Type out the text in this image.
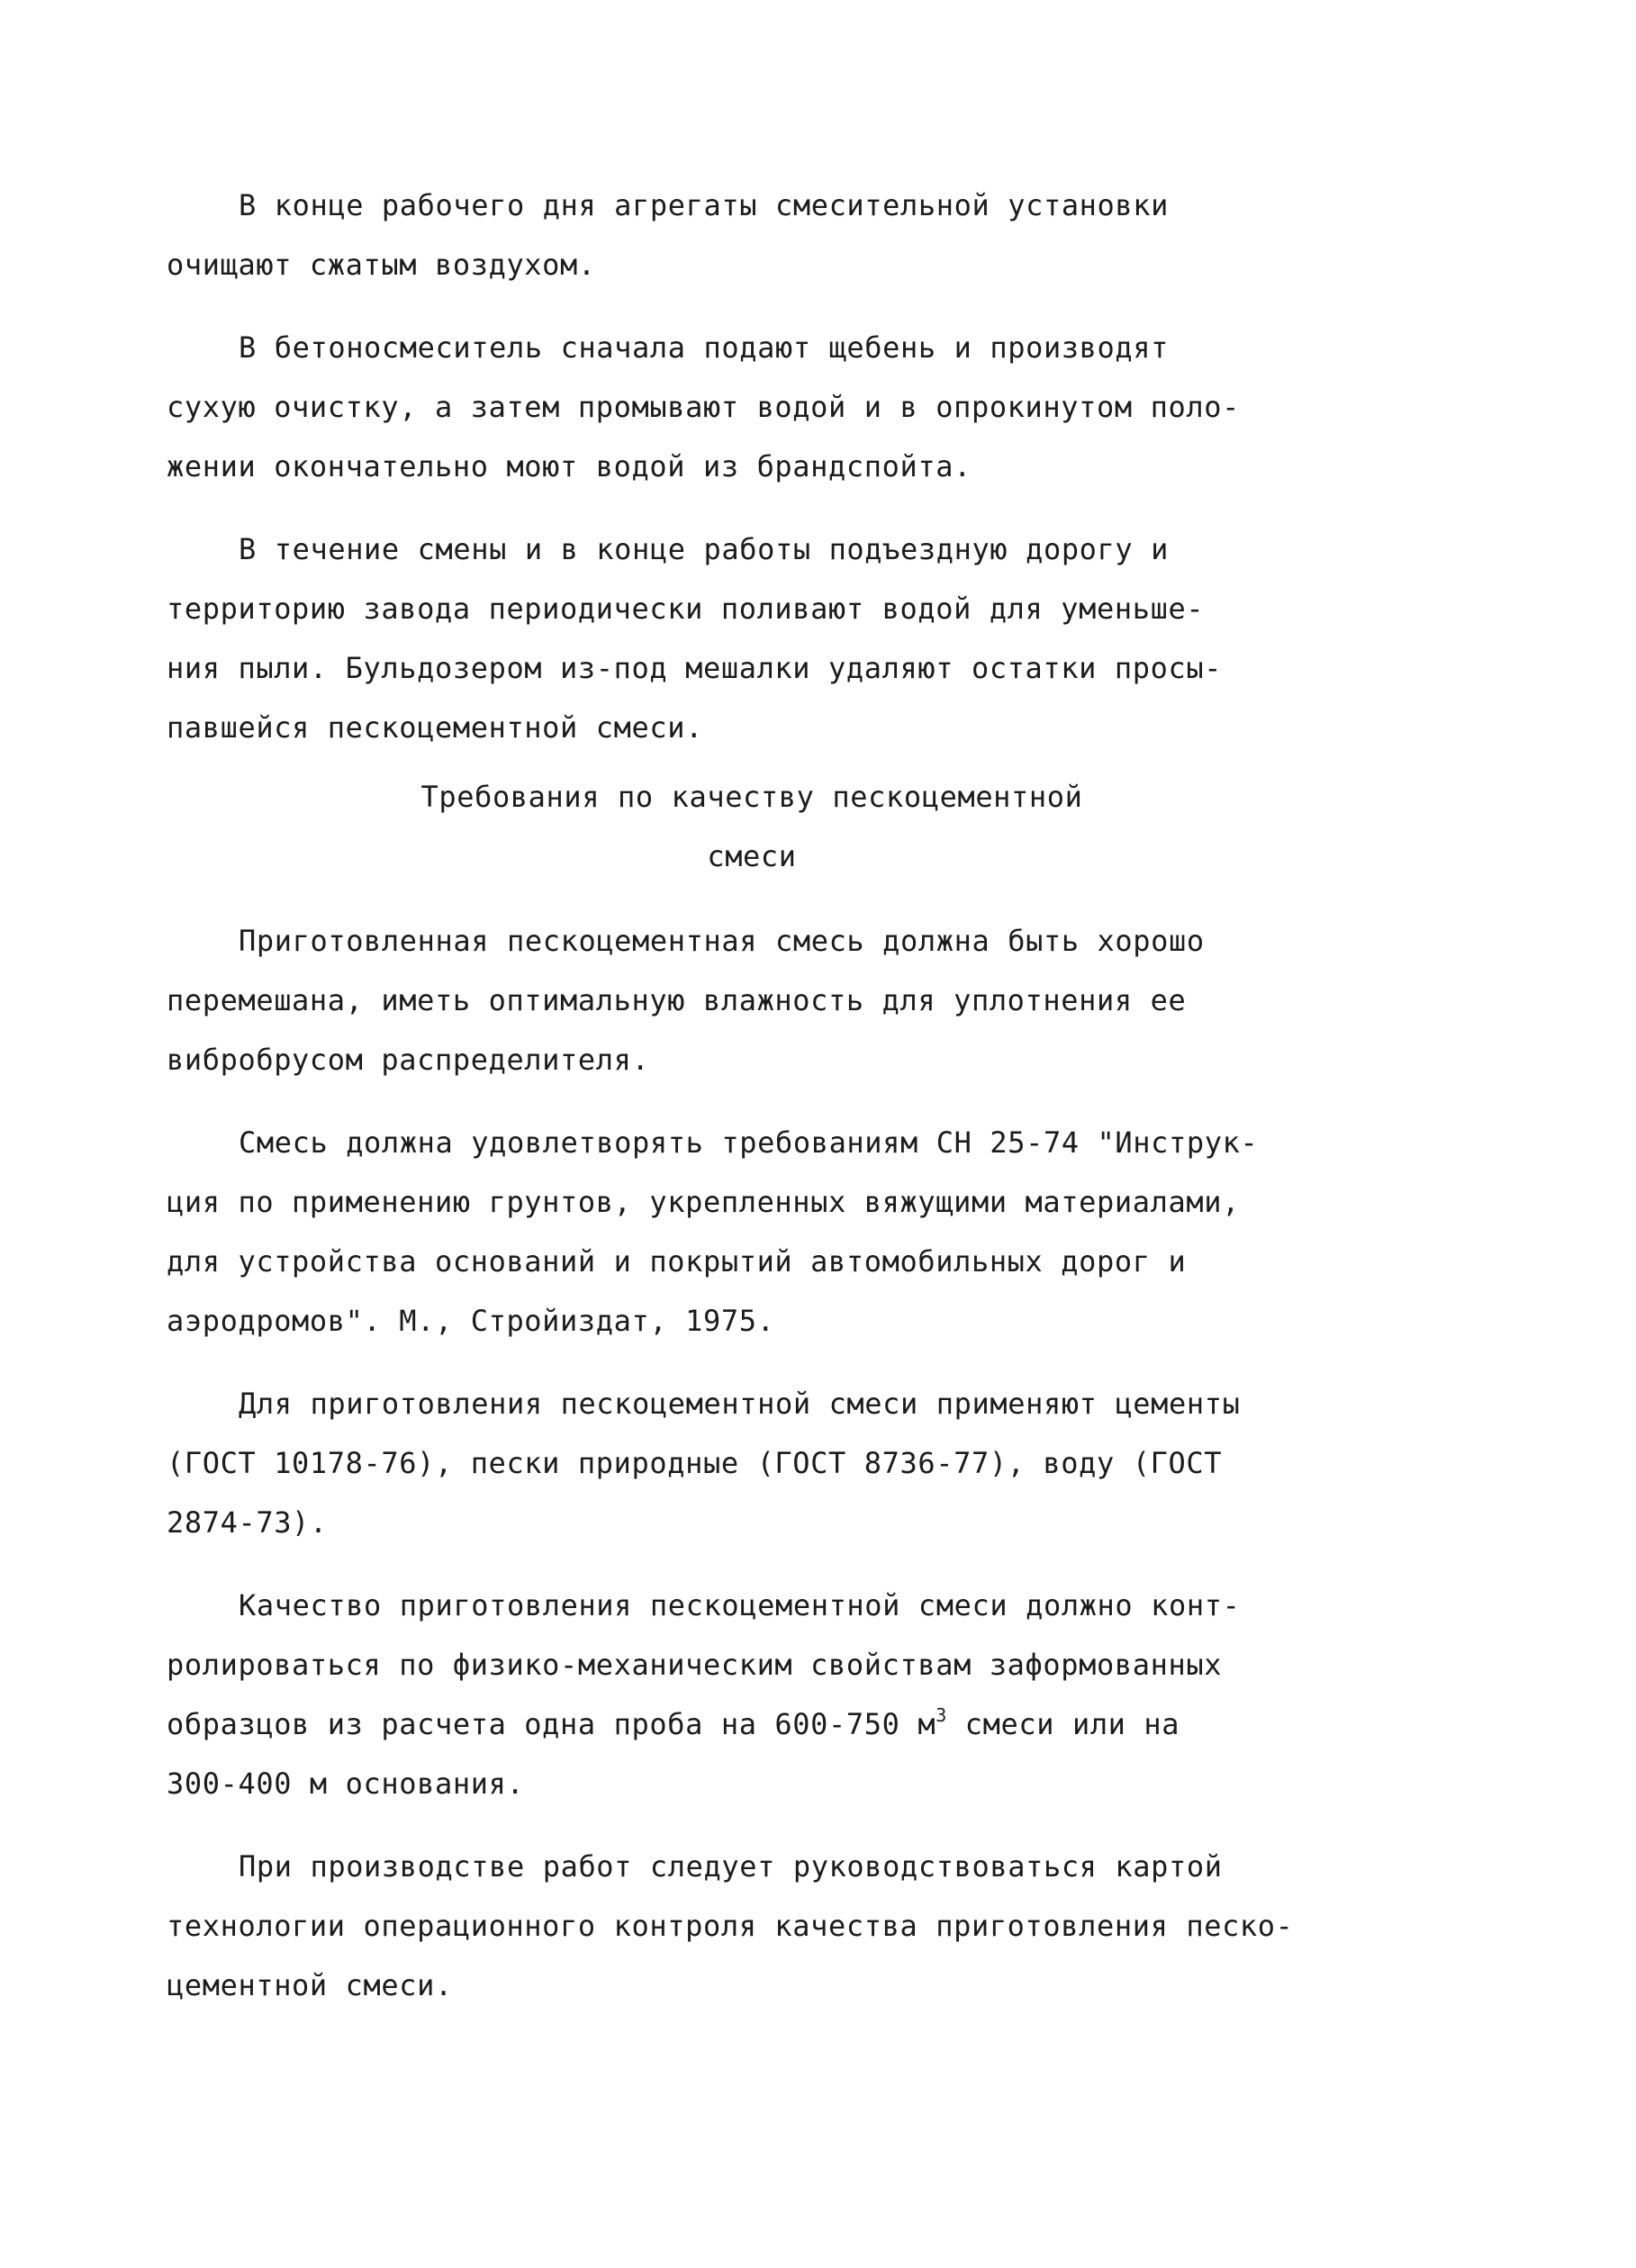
В конце рабочего дня агрегаты смесительной установки
очищают сжатым воздухом.

В бетоносмеситель сначала подают щебень и производят
сухую очистку, а затем промывают водой и в опрокинутом поло-
жении окончательно моют водой из брандспойта.

В течение смены и в конце работы подъездную дорогу и
территорию завода периодически поливают водой для уменьше-
ния пыли. Бульдозером из-под мешалки удаляют остатки просы-
павшейся пескоцементной смеси.

Требования по качеству пескоцементной
смеси

Приготовленная пескоцементная смесь должна быть хорошо
перемешана, иметь оптимальную влажность для уплотнения ее
вибробрусом распределителя.

Смесь должна удовлетворять требованиям СН 25-74 "Инструк-
ция по применению грунтов, укрепленных вяжущими материалами,
для устройства оснований и покрытий автомобильных дорог и
аэродромов". М., Стройиздат, 1975.

Для приготовления пескоцементной смеси применяют цементы
(ГОСТ 10178-76), пески природные (ГОСТ 8736-77), воду (ГОСТ
2874-73).

Качество приготовления пескоцементной смеси должно конт-
ролироваться по физико-механическим свойствам заформованных
образцов из расчета одна проба на 600-750 $м^3$ смеси или на
300-400 м основания.

При производстве работ следует руководствоваться картой
технологии операционного контроля качества приготовления песко-
цементной смеси.
